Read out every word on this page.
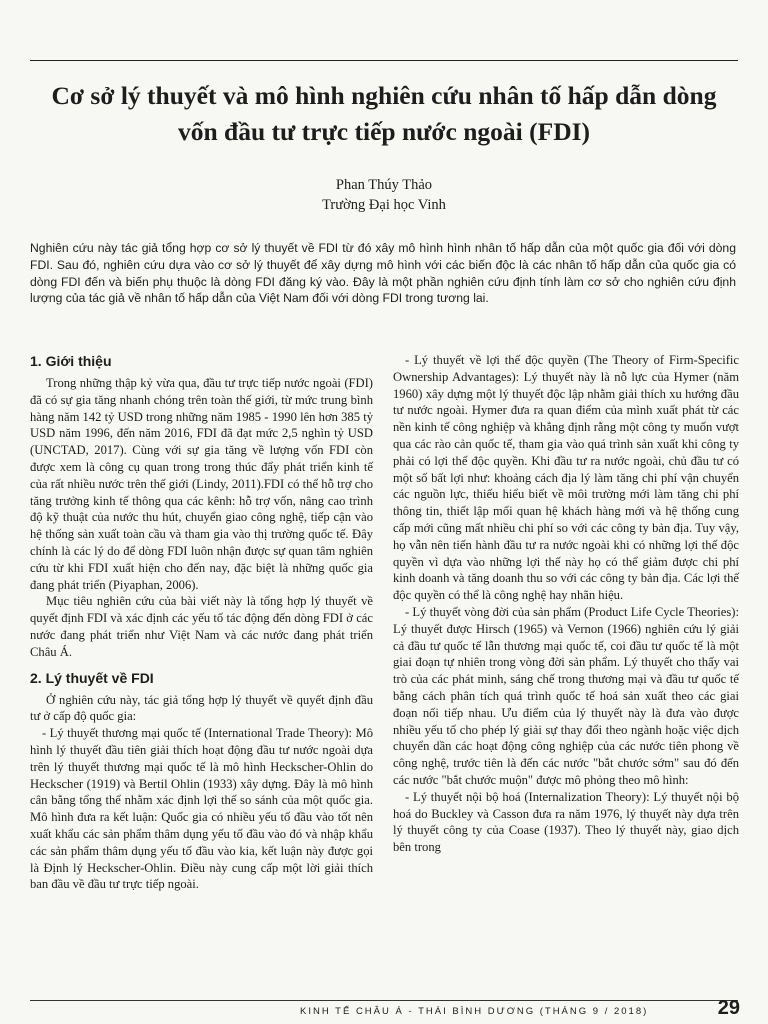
Cơ sở lý thuyết và mô hình nghiên cứu nhân tố hấp dẫn dòng vốn đầu tư trực tiếp nước ngoài (FDI)
Phan Thúy Thảo
Trường Đại học Vinh
Nghiên cứu này tác giả tổng hợp cơ sở lý thuyết về FDI từ đó xây mô hình hình nhân tố hấp dẫn của một quốc gia đối với dòng FDI. Sau đó, nghiên cứu dựa vào cơ sở lý thuyết để xây dựng mô hình với các biến độc là các nhân tố hấp dẫn của quốc gia có dòng FDI đến và biến phụ thuộc là dòng FDI đăng ký vào. Đây là một phần nghiên cứu định tính làm cơ sở cho nghiên cứu định lượng của tác giả về nhân tố hấp dẫn của Việt Nam đối với dòng FDI trong tương lai.
1. Giới thiệu

Trong những thập kỷ vừa qua, đầu tư trực tiếp nước ngoài (FDI) đã có sự gia tăng nhanh chóng trên toàn thế giới, từ mức trung bình hàng năm 142 tỷ USD trong những năm 1985 - 1990 lên hơn 385 tỷ USD năm 1996, đến năm 2016, FDI đã đạt mức 2,5 nghìn tỷ USD (UNCTAD, 2017). Cùng với sự gia tăng về lượng vốn FDI còn được xem là công cụ quan trong trong thúc đẩy phát triển kinh tế của rất nhiều nước trên thế giới (Lindy, 2011).FDI có thể hỗ trợ cho tăng trưởng kinh tế thông qua các kênh: hỗ trợ vốn, nâng cao trình độ kỹ thuật của nước thu hút, chuyển giao công nghệ, tiếp cận vào hệ thống sản xuất toàn cầu và tham gia vào thị trường quốc tế. Đây chính là các lý do để dòng FDI luôn nhận được sự quan tâm nghiên cứu từ khi FDI xuất hiện cho đến nay, đặc biệt là những quốc gia đang phát triển (Piyaphan, 2006).

Mục tiêu nghiên cứu của bài viết này là tổng hợp lý thuyết về quyết định FDI và xác định các yếu tố tác động đến dòng FDI ở các nước đang phát triển như Việt Nam và các nước đang phát triển Châu Á.

2. Lý thuyết về FDI

Ở nghiên cứu này, tác giả tổng hợp lý thuyết về quyết định đầu tư ở cấp độ quốc gia:

- Lý thuyết thương mại quốc tế (International Trade Theory): Mô hình lý thuyết đầu tiên giải thích hoạt động đầu tư nước ngoài dựa trên lý thuyết thương mại quốc tế là mô hình Heckscher-Ohlin do Heckscher (1919) và Bertil Ohlin (1933) xây dựng. Đây là mô hình cân bằng tổng thể nhằm xác định lợi thế so sánh của một quốc gia. Mô hình đưa ra kết luận: Quốc gia có nhiều yếu tố đầu vào tốt nên xuất khẩu các sản phẩm thâm dụng yếu tố đầu vào đó và nhập khẩu các sản phẩm thâm dụng yếu tố đầu vào kia, kết luận này được gọi là Định lý Heckscher-Ohlin. Điều này cung cấp một lời giải thích ban đầu về đầu tư trực tiếp ngoài.

- Lý thuyết về lợi thế độc quyền (The Theory of Firm-Specific Ownership Advantages): Lý thuyết này là nỗ lực của Hymer (năm 1960) xây dựng một lý thuyết độc lập nhằm giải thích xu hướng đầu tư nước ngoài. Hymer đưa ra quan điểm của mình xuất phát từ các nền kinh tế công nghiệp và khẳng định rằng một công ty muốn vượt qua các rào cản quốc tế, tham gia vào quá trình sản xuất khi công ty phải có lợi thế độc quyền. Khi đầu tư ra nước ngoài, chủ đầu tư có một số bất lợi như: khoảng cách địa lý làm tăng chi phí vận chuyển các nguồn lực, thiếu hiểu biết về môi trường mới làm tăng chi phí thông tin, thiết lập mối quan hệ khách hàng mới và hệ thống cung cấp mới cũng mất nhiều chi phí so với các công ty bản địa. Tuy vậy, họ vẫn nên tiến hành đầu tư ra nước ngoài khi có những lợi thế độc quyền vì dựa vào những lợi thế này họ có thể giảm được chi phí kinh doanh và tăng doanh thu so với các công ty bản địa. Các lợi thế độc quyền có thể là công nghệ hay nhãn hiệu.

- Lý thuyết vòng đời của sản phẩm (Product Life Cycle Theories): Lý thuyết được Hirsch (1965) và Vernon (1966) nghiên cứu lý giải cả đầu tư quốc tế lẫn thương mại quốc tế, coi đầu tư quốc tế là một giai đoạn tự nhiên trong vòng đời sản phẩm. Lý thuyết cho thấy vai trò của các phát minh, sáng chế trong thương mại và đầu tư quốc tế bằng cách phân tích quá trình quốc tế hoá sản xuất theo các giai đoạn nối tiếp nhau. Ưu điểm của lý thuyết này là đưa vào được nhiều yếu tố cho phép lý giải sự thay đổi theo ngành hoặc việc dịch chuyển dần các hoạt động công nghiệp của các nước tiên phong về công nghệ, trước tiên là đến các nước "bắt chước sớm" sau đó đến các nước "bắt chước muộn" được mô phỏng theo mô hình:

- Lý thuyết nội bộ hoá (Internalization Theory): Lý thuyết nội bộ hoá do Buckley và Casson đưa ra năm 1976, lý thuyết này dựa trên lý thuyết công ty của Coase (1937). Theo lý thuyết này, giao dịch bên trong

KINH TẾ CHÂU Á - THÁI BÌNH DƯƠNG (THÁNG 9 / 2018)	29
